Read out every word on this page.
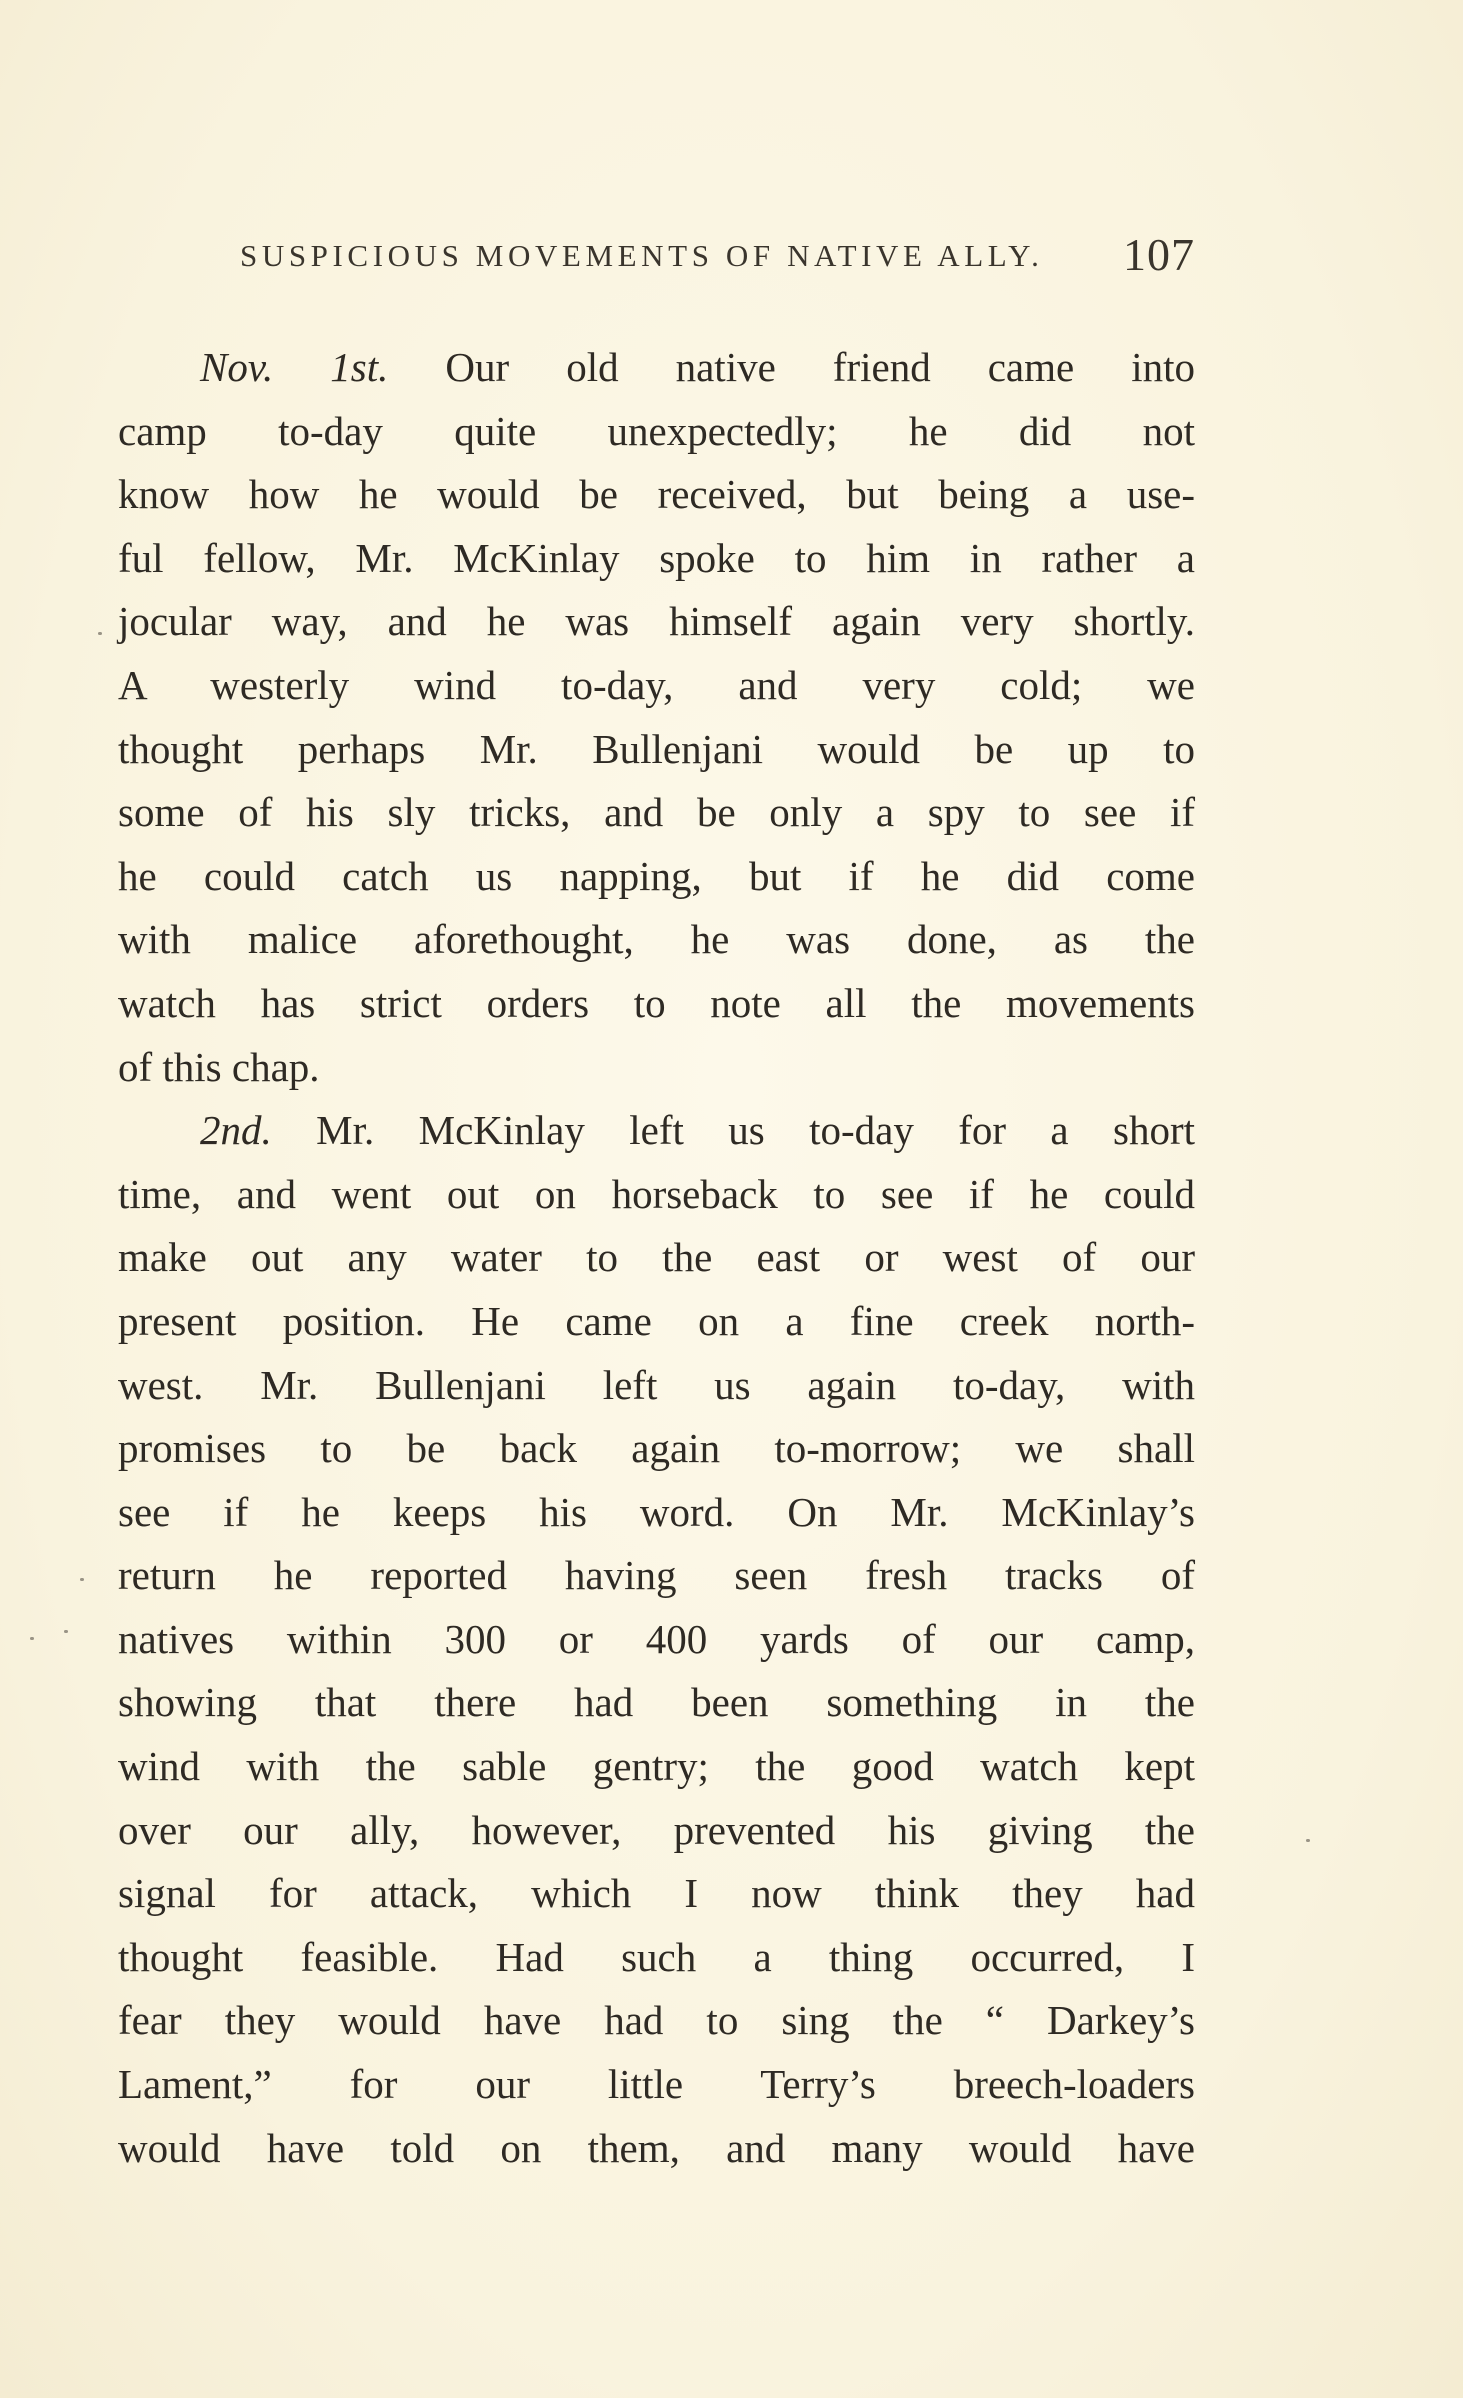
SUSPICIOUS MOVEMENTS OF NATIVE ALLY. 107
Nov. 1st. Our old native friend came into
camp to-day quite unexpectedly; he did not
know how he would be received, but being a use-
ful fellow, Mr. McKinlay spoke to him in rather a
jocular way, and he was himself again very shortly.
A westerly wind to-day, and very cold; we
thought perhaps Mr. Bullenjani would be up to
some of his sly tricks, and be only a spy to see if
he could catch us napping, but if he did come
with malice aforethought, he was done, as the
watch has strict orders to note all the movements
of this chap.
2nd. Mr. McKinlay left us to-day for a short
time, and went out on horseback to see if he could
make out any water to the east or west of our
present position. He came on a fine creek north-
west. Mr. Bullenjani left us again to-day, with
promises to be back again to-morrow; we shall
see if he keeps his word. On Mr. McKinlay’s
return he reported having seen fresh tracks of
natives within 300 or 400 yards of our camp,
showing that there had been something in the
wind with the sable gentry; the good watch kept
over our ally, however, prevented his giving the
signal for attack, which I now think they had
thought feasible. Had such a thing occurred, I
fear they would have had to sing the “ Darkey’s
Lament,” for our little Terry’s breech-loaders
would have told on them, and many would have
